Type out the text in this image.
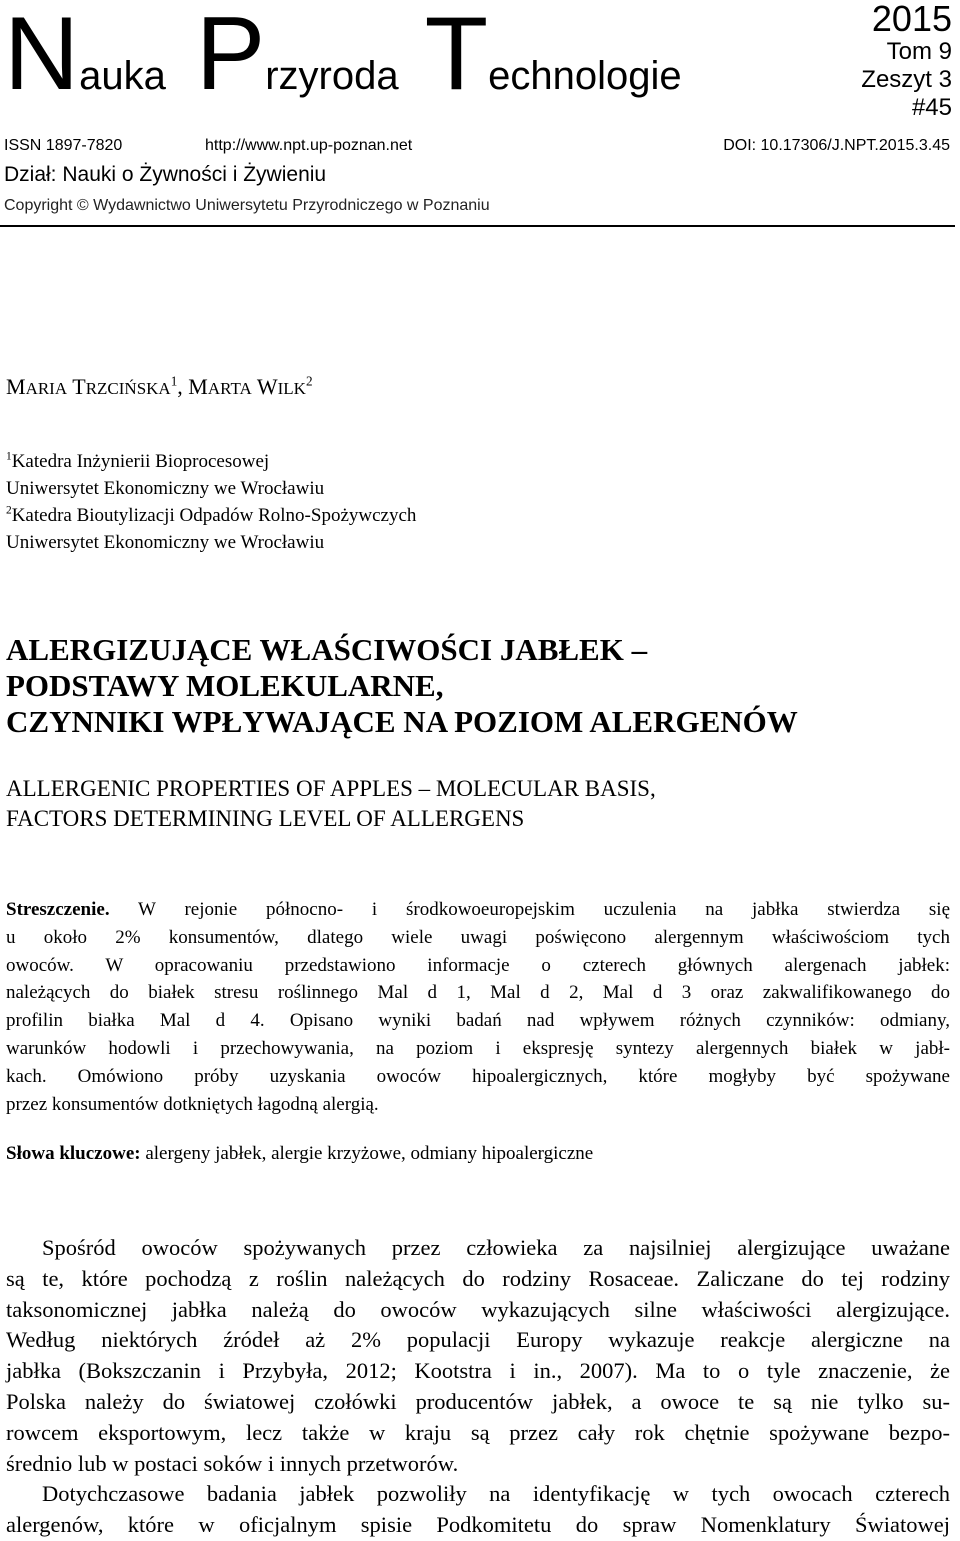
Nauka Przyroda Technologie
2015
Tom 9
Zeszyt 3
#45
ISSN 1897-7820	http://www.npt.up-poznan.net	DOI: 10.17306/J.NPT.2015.3.45
Dział: Nauki o Żywności i Żywieniu
Copyright © Wydawnictwo Uniwersytetu Przyrodniczego w Poznaniu
MARIA TRZCIŃSKA$^1$, MARTA WILK$^2$
$^1$Katedra Inżynierii Bioprocesowej
Uniwersytet Ekonomiczny we Wrocławiu
$^2$Katedra Bioutylizacji Odpadów Rolno-Spożywczych
Uniwersytet Ekonomiczny we Wrocławiu
ALERGIZUJĄCE WŁAŚCIWOŚCI JABŁEK –
PODSTAWY MOLEKULARNE,
CZYNNIKI WPŁYWAJĄCE NA POZIOM ALERGENÓW
ALLERGENIC PROPERTIES OF APPLES – MOLECULAR BASIS,
FACTORS DETERMINING LEVEL OF ALLERGENS
Streszczenie. W rejonie północno- i środkowoeuropejskim uczulenia na jabłka stwierdza się
u około 2% konsumentów, dlatego wiele uwagi poświęcono alergennym właściwościom tych
owoców. W opracowaniu przedstawiono informacje o czterech głównych alergenach jabłek:
należących do białek stresu roślinnego Mal d 1, Mal d 2, Mal d 3 oraz zakwalifikowanego do
profilin białka Mal d 4. Opisano wyniki badań nad wpływem różnych czynników: odmiany,
warunków hodowli i przechowywania, na poziom i ekspresję syntezy alergennych białek w jabł-
kach. Omówiono próby uzyskania owoców hipoalergicznych, które mogłyby być spożywane
przez konsumentów dotkniętych łagodną alergią.
Słowa kluczowe: alergeny jabłek, alergie krzyżowe, odmiany hipoalergiczne
Spośród owoców spożywanych przez człowieka za najsilniej alergizujące uważane
są te, które pochodzą z roślin należących do rodziny Rosaceae. Zaliczane do tej rodziny
taksonomicznej jabłka należą do owoców wykazujących silne właściwości alergizujące.
Według niektórych źródeł aż 2% populacji Europy wykazuje reakcje alergiczne na
jabłka (Bokszczanin i Przybyła, 2012; Kootstra i in., 2007). Ma to o tyle znaczenie, że
Polska należy do światowej czołówki producentów jabłek, a owoce te są nie tylko su-
rowcem eksportowym, lecz także w kraju są przez cały rok chętnie spożywane bezpo-
średnio lub w postaci soków i innych przetworów.
Dotychczasowe badania jabłek pozwoliły na identyfikację w tych owocach czterech
alergenów, które w oficjalnym spisie Podkomitetu do spraw Nomenklatury Światowej
